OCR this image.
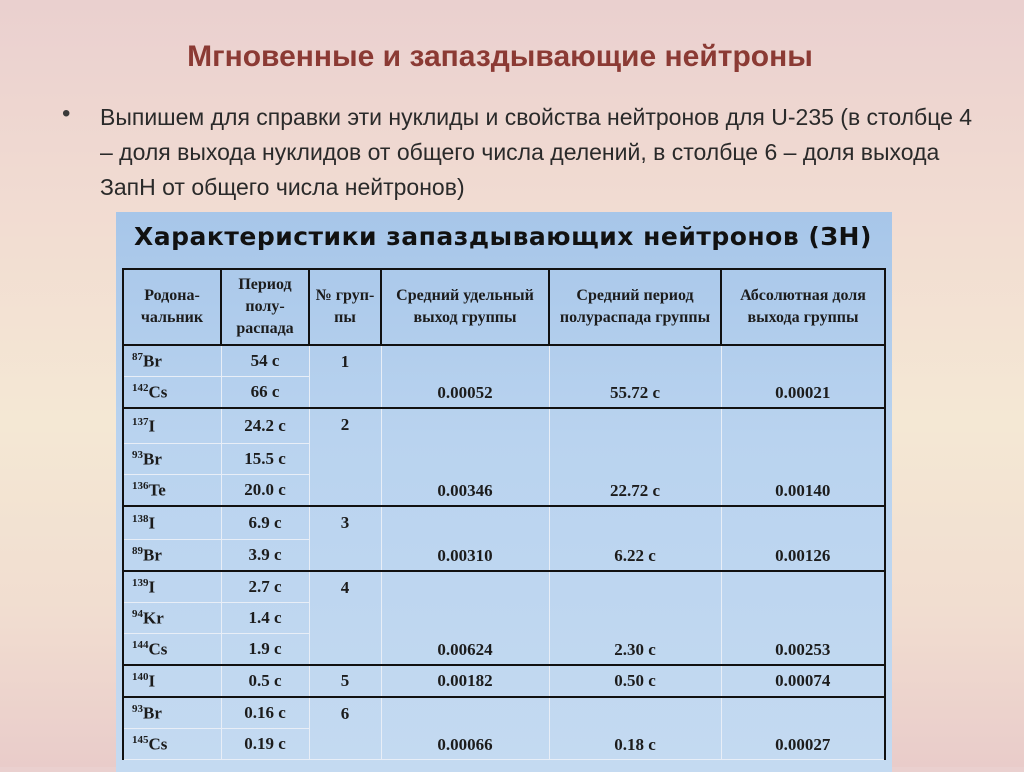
Мгновенные и запаздывающие нейтроны
• Выпишем для справки эти нуклиды и свойства нейтронов для U-235 (в столбце 4 – доля выхода нуклидов от общего числа делений, в столбце 6 – доля выхода ЗапН от общего числа нейтронов)
Характеристики запаздывающих нейтронов (ЗН)
Родона-чальник	Период полу-распада	№ груп-пы	Средний удельный выход группы	Средний период полураспада группы	Абсолютная доля выхода группы
$^{87}$Br	54 с	1	0.00052	55.72 с	0.00021
$^{142}$Cs	66 с				
$^{137}$I	24.2 с	2	0.00346	22.72 с	0.00140
$^{93}$Br	15.5 с				
$^{136}$Te	20.0 с				
$^{138}$I	6.9 с	3	0.00310	6.22 с	0.00126
$^{89}$Br	3.9 с				
$^{139}$I	2.7 с	4	0.00624	2.30 с	0.00253
$^{94}$Kr	1.4 с				
$^{144}$Cs	1.9 с				
$^{140}$I	0.5 с	5	0.00182	0.50 с	0.00074
$^{93}$Br	0.16 с	6	0.00066	0.18 с	0.00027
$^{145}$Cs	0.19 с				
